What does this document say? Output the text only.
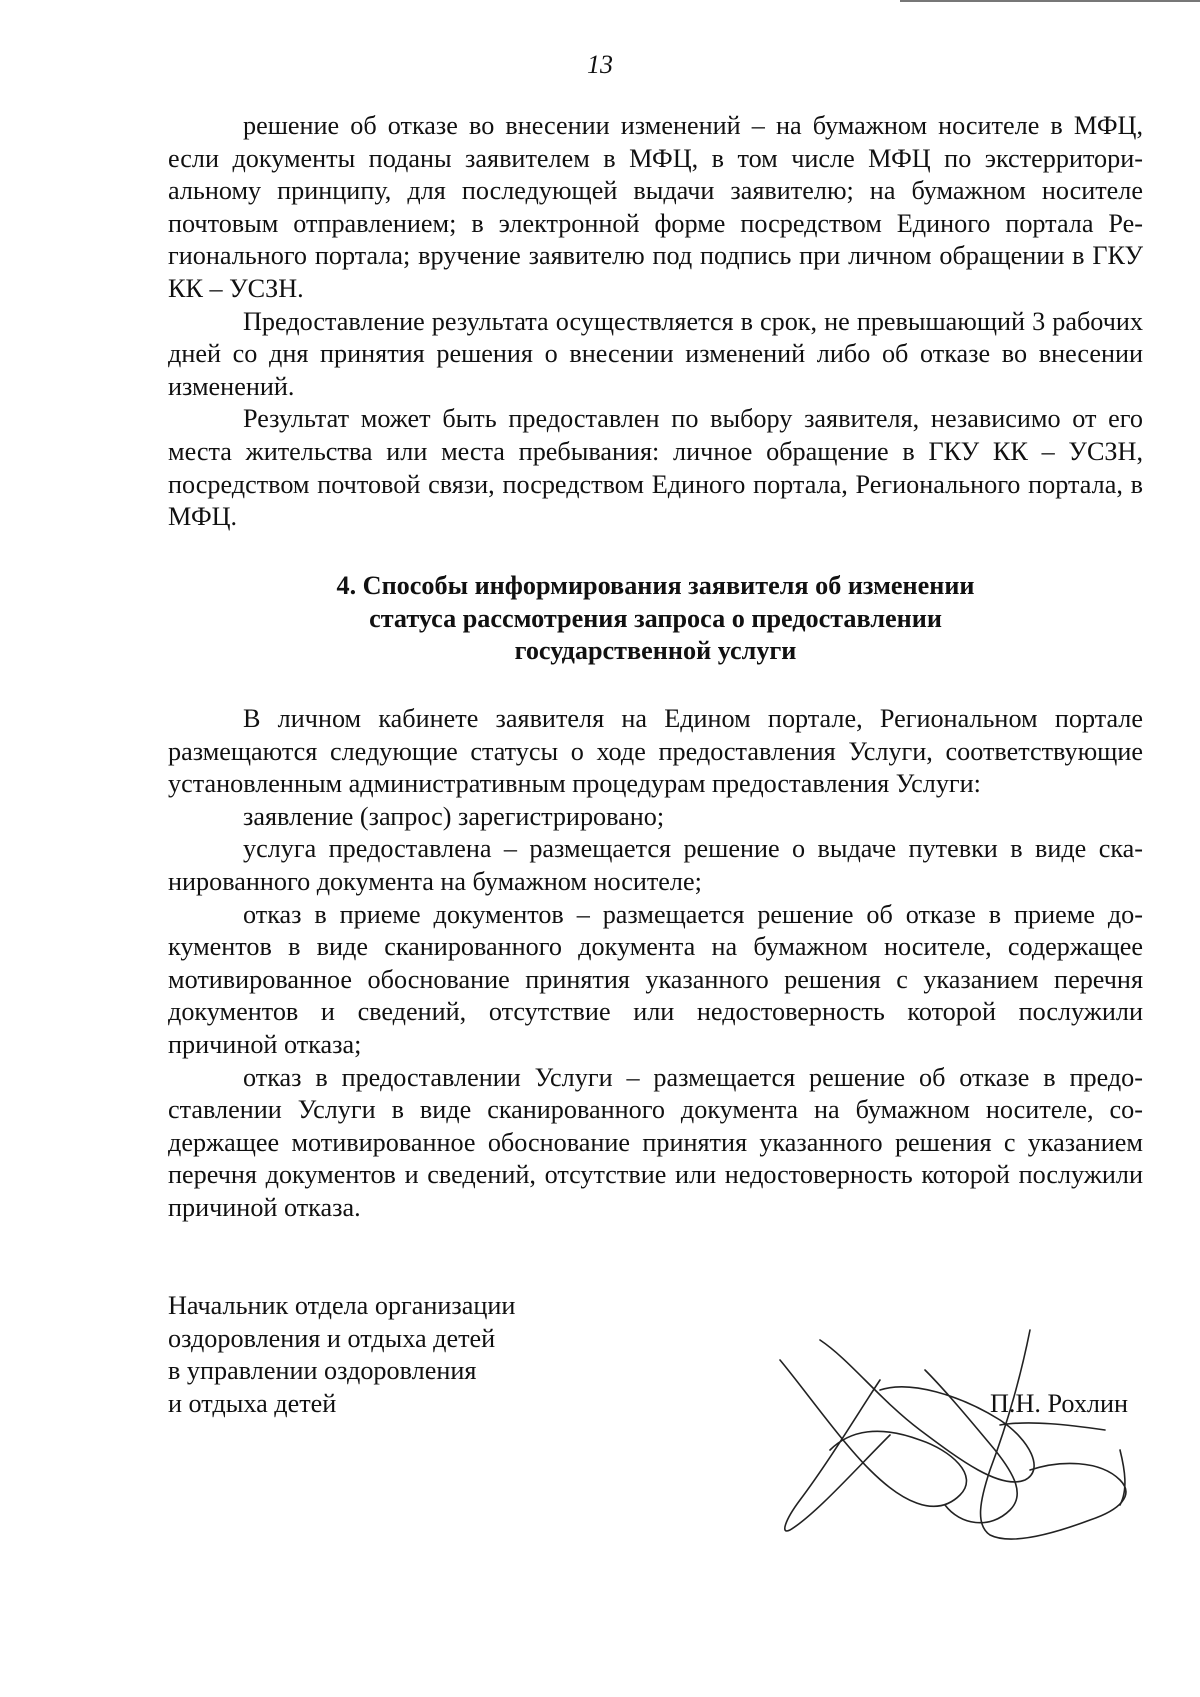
13

решение об отказе во внесении изменений – на бумажном носителе в МФЦ, если документы поданы заявителем в МФЦ, в том числе МФЦ по экстерриториальному принципу, для последующей выдачи заявителю; на бумажном носителе почтовым отправлением; в электронной форме посредством Единого портала Регионального портала; вручение заявителю под подпись при личном обращении в ГКУ КК – УСЗН.

Предоставление результата осуществляется в срок, не превышающий 3 рабочих дней со дня принятия решения о внесении изменений либо об отказе во внесении изменений.

Результат может быть предоставлен по выбору заявителя, независимо от его места жительства или места пребывания: личное обращение в ГКУ КК – УСЗН, посредством почтовой связи, посредством Единого портала, Регионального портала, в МФЦ.

4. Способы информирования заявителя об изменении
статуса рассмотрения запроса о предоставлении
государственной услуги

В личном кабинете заявителя на Едином портале, Региональном портале размещаются следующие статусы о ходе предоставления Услуги, соответствующие установленным административным процедурам предоставления Услуги:

заявление (запрос) зарегистрировано;

услуга предоставлена – размещается решение о выдаче путевки в виде сканированного документа на бумажном носителе;

отказ в приеме документов – размещается решение об отказе в приеме документов в виде сканированного документа на бумажном носителе, содержащее мотивированное обоснование принятия указанного решения с указанием перечня документов и сведений, отсутствие или недостоверность которой послужили причиной отказа;

отказ в предоставлении Услуги – размещается решение об отказе в предоставлении Услуги в виде сканированного документа на бумажном носителе, содержащее мотивированное обоснование принятия указанного решения с указанием перечня документов и сведений, отсутствие или недостоверность которой послужили причиной отказа.

Начальник отдела организации
оздоровления и отдыха детей
в управлении оздоровления
и отдыха детей	П.Н. Рохлин
